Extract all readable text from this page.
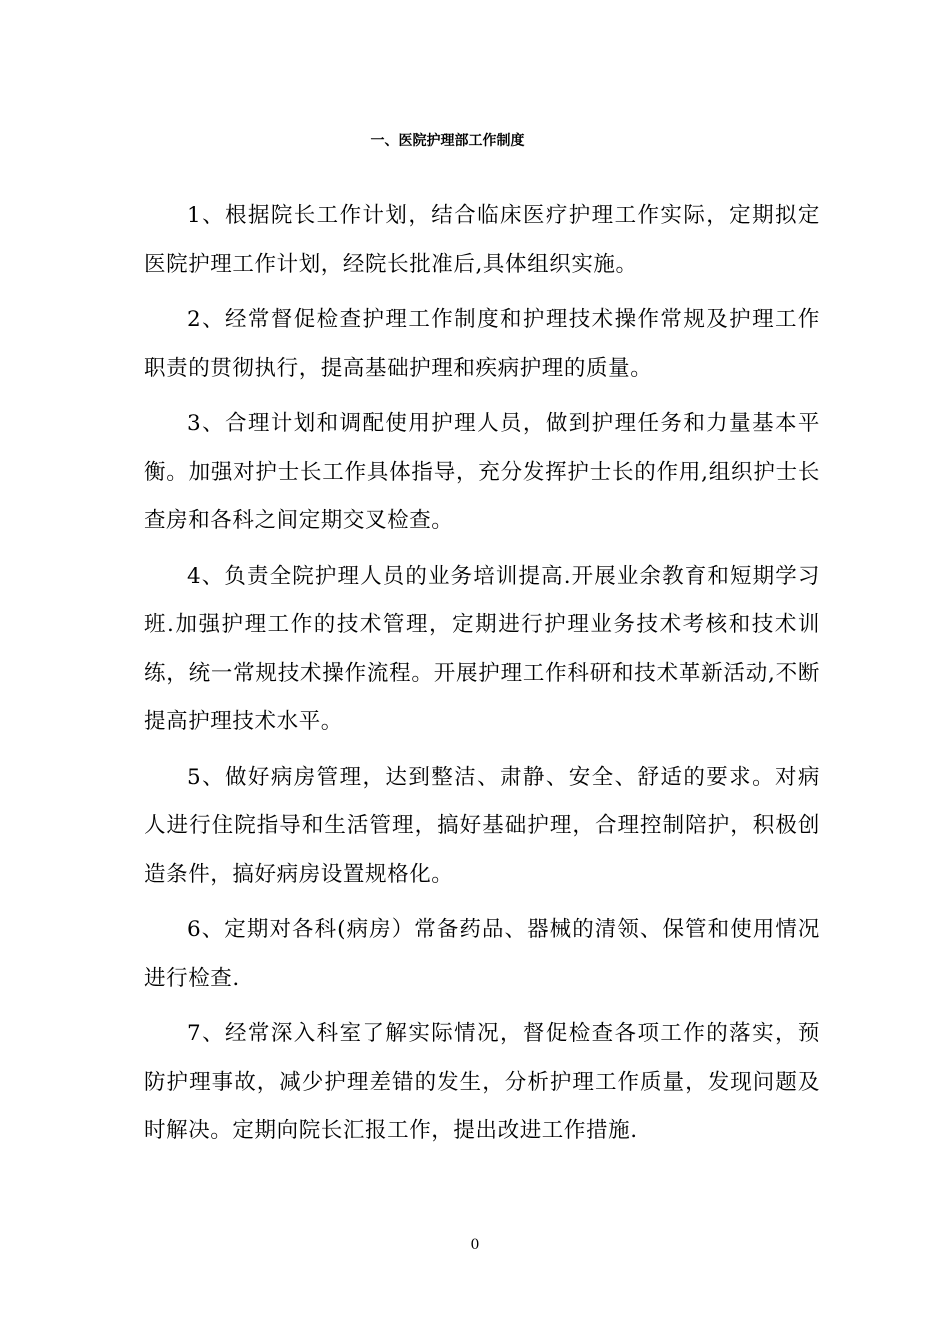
一、医院护理部工作制度

1、根据院长工作计划，结合临床医疗护理工作实际，定期拟定医院护理工作计划，经院长批准后,具体组织实施。

2、经常督促检查护理工作制度和护理技术操作常规及护理工作职责的贯彻执行，提高基础护理和疾病护理的质量。

3、合理计划和调配使用护理人员，做到护理任务和力量基本平衡。加强对护士长工作具体指导，充分发挥护士长的作用,组织护士长查房和各科之间定期交叉检查。

4、负责全院护理人员的业务培训提高.开展业余教育和短期学习班.加强护理工作的技术管理，定期进行护理业务技术考核和技术训练，统一常规技术操作流程。开展护理工作科研和技术革新活动,不断提高护理技术水平。

5、做好病房管理，达到整洁、肃静、安全、舒适的要求。对病人进行住院指导和生活管理，搞好基础护理，合理控制陪护，积极创造条件，搞好病房设置规格化。

6、定期对各科(病房）常备药品、器械的清领、保管和使用情况进行检查.

7、经常深入科室了解实际情况，督促检查各项工作的落实，预防护理事故，减少护理差错的发生，分析护理工作质量，发现问题及时解决。定期向院长汇报工作，提出改进工作措施.

0
